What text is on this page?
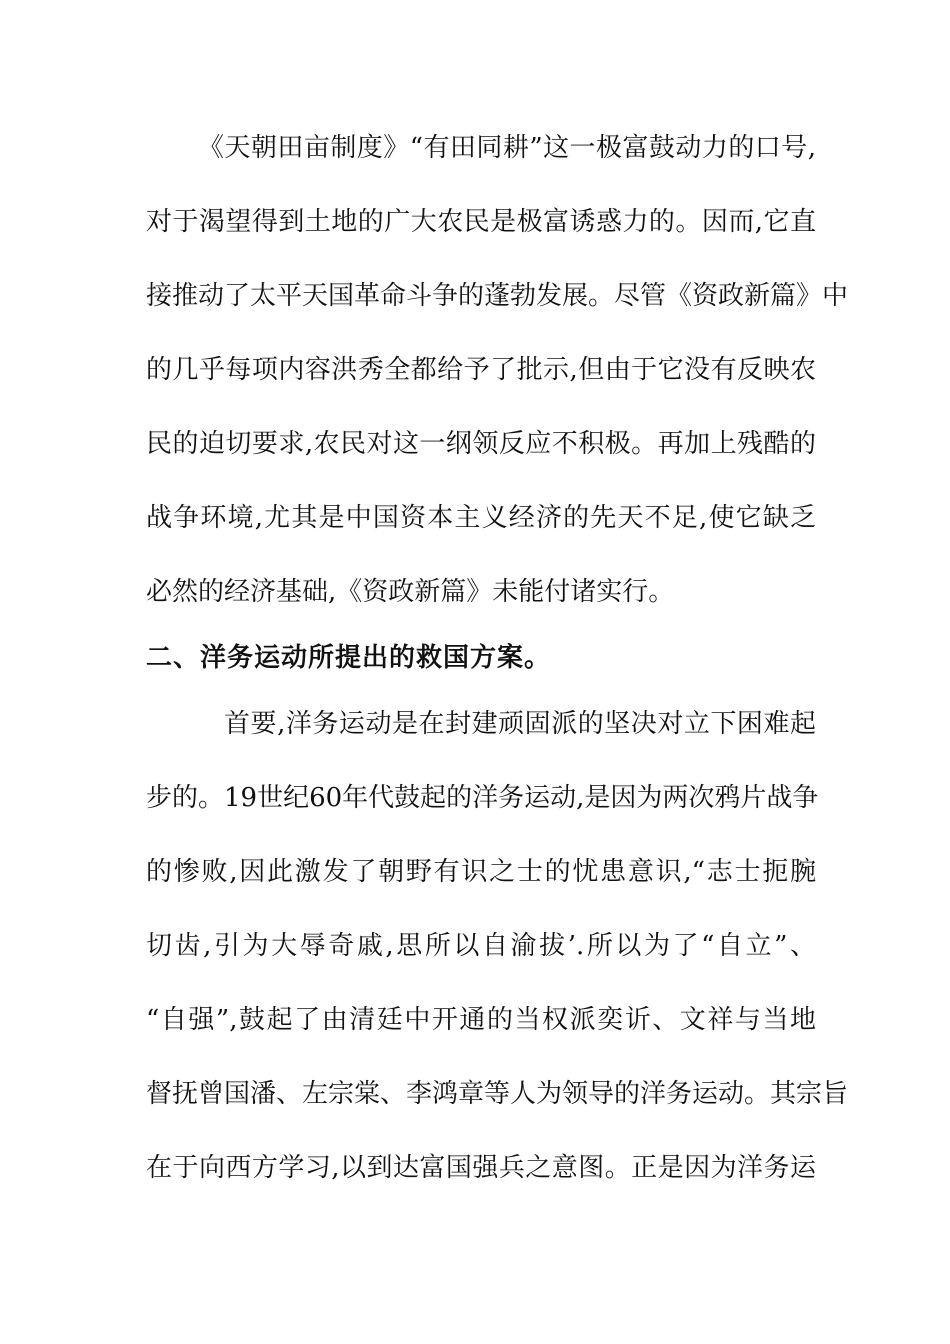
《天朝田亩制度》“有田同耕”这一极富鼓动力的口号,
对于渴望得到土地的广大农民是极富诱惑力的。因而,它直
接推动了太平天国革命斗争的蓬勃发展。尽管《资政新篇》中
的几乎每项内容洪秀全都给予了批示,但由于它没有反映农
民的迫切要求,农民对这一纲领反应不积极。再加上残酷的
战争环境,尤其是中国资本主义经济的先天不足,使它缺乏
必然的经济基础,《资政新篇》未能付诸实行。
二、洋务运动所提出的救国方案。
首要,洋务运动是在封建顽固派的坚决对立下困难起
步的。19世纪60年代鼓起的洋务运动,是因为两次鸦片战争
的惨败,因此激发了朝野有识之士的忧患意识,“志士扼腕
切齿,引为大辱奇戚,思所以自渝拔’.所以为了“自立”、
“自强”,鼓起了由清廷中开通的当权派奕䜣、文祥与当地
督抚曾国潘、左宗棠、李鸿章等人为领导的洋务运动。其宗旨
在于向西方学习,以到达富国强兵之意图。正是因为洋务运
